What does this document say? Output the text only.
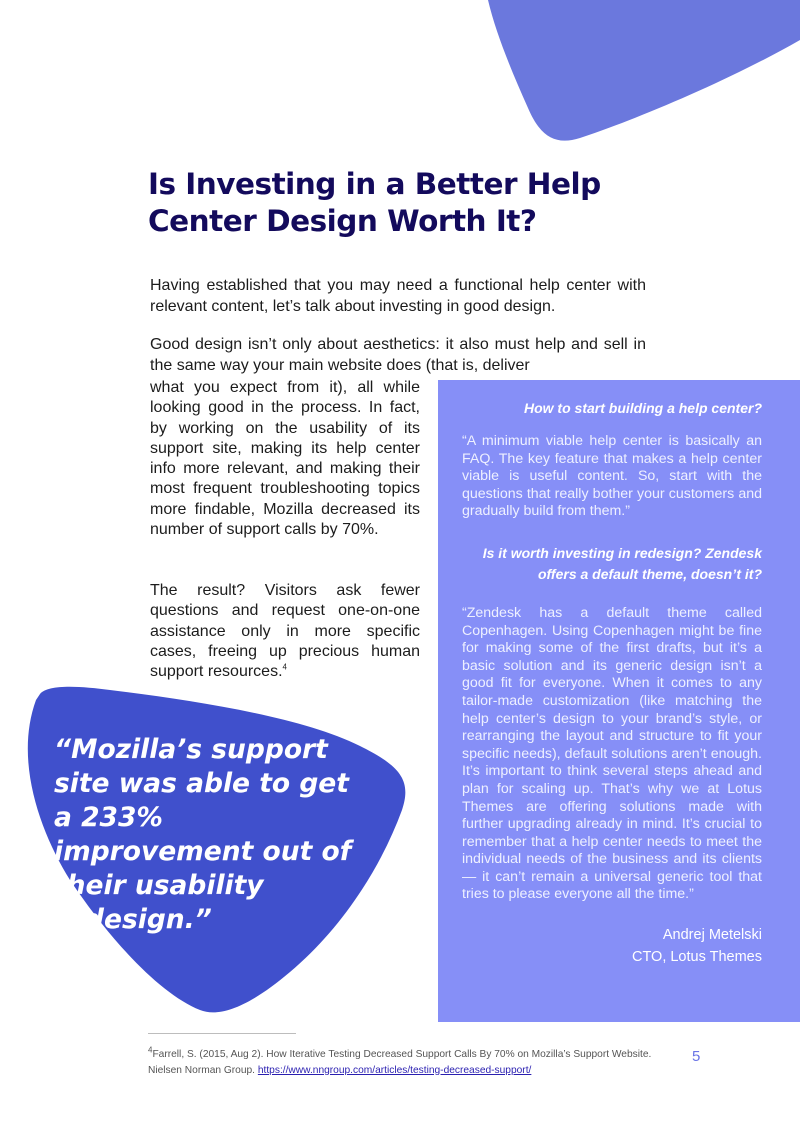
Is Investing in a Better Help Center Design Worth It?

Having established that you may need a functional help center with relevant content, let’s talk about investing in good design.

Good design isn’t only about aesthetics: it also must help and sell in the same way your main website does (that is, deliver

what you expect from it), all while looking good in the process. In fact, by working on the usability of its support site, making its help center info more relevant, and making their most frequent troubleshooting topics more findable, Mozilla decreased its number of support calls by 70%.

The result? Visitors ask fewer questions and request one-on-one assistance only in more specific cases, freeing up precious human support resources.$^4$

“Mozilla’s support site was able to get a 233% improvement out of their usability redesign.”
How to start building a help center?
“A minimum viable help center is basically an FAQ. The key feature that makes a help center viable is useful content. So, start with the questions that really bother your customers and gradually build from them.”
Is it worth investing in redesign? Zendesk offers a default theme, doesn’t it?
“Zendesk has a default theme called Copenhagen. Using Copenhagen might be fine for making some of the first drafts, but it’s a basic solution and its generic design isn’t a good fit for everyone. When it comes to any tailor-made customization (like matching the help center’s design to your brand’s style, or rearranging the layout and structure to fit your specific needs), default solutions aren’t enough. It’s important to think several steps ahead and plan for scaling up. That’s why we at Lotus Themes are offering solutions made with further upgrading already in mind. It’s crucial to remember that a help center needs to meet the individual needs of the business and its clients — it can’t remain a universal generic tool that tries to please everyone all the time.”
Andrej Metelski
CTO, Lotus Themes

$^4$Farrell, S. (2015, Aug 2). How Iterative Testing Decreased Support Calls By 70% on Mozilla’s Support Website. Nielsen Norman Group. https://www.nngroup.com/articles/testing-decreased-support/

5
